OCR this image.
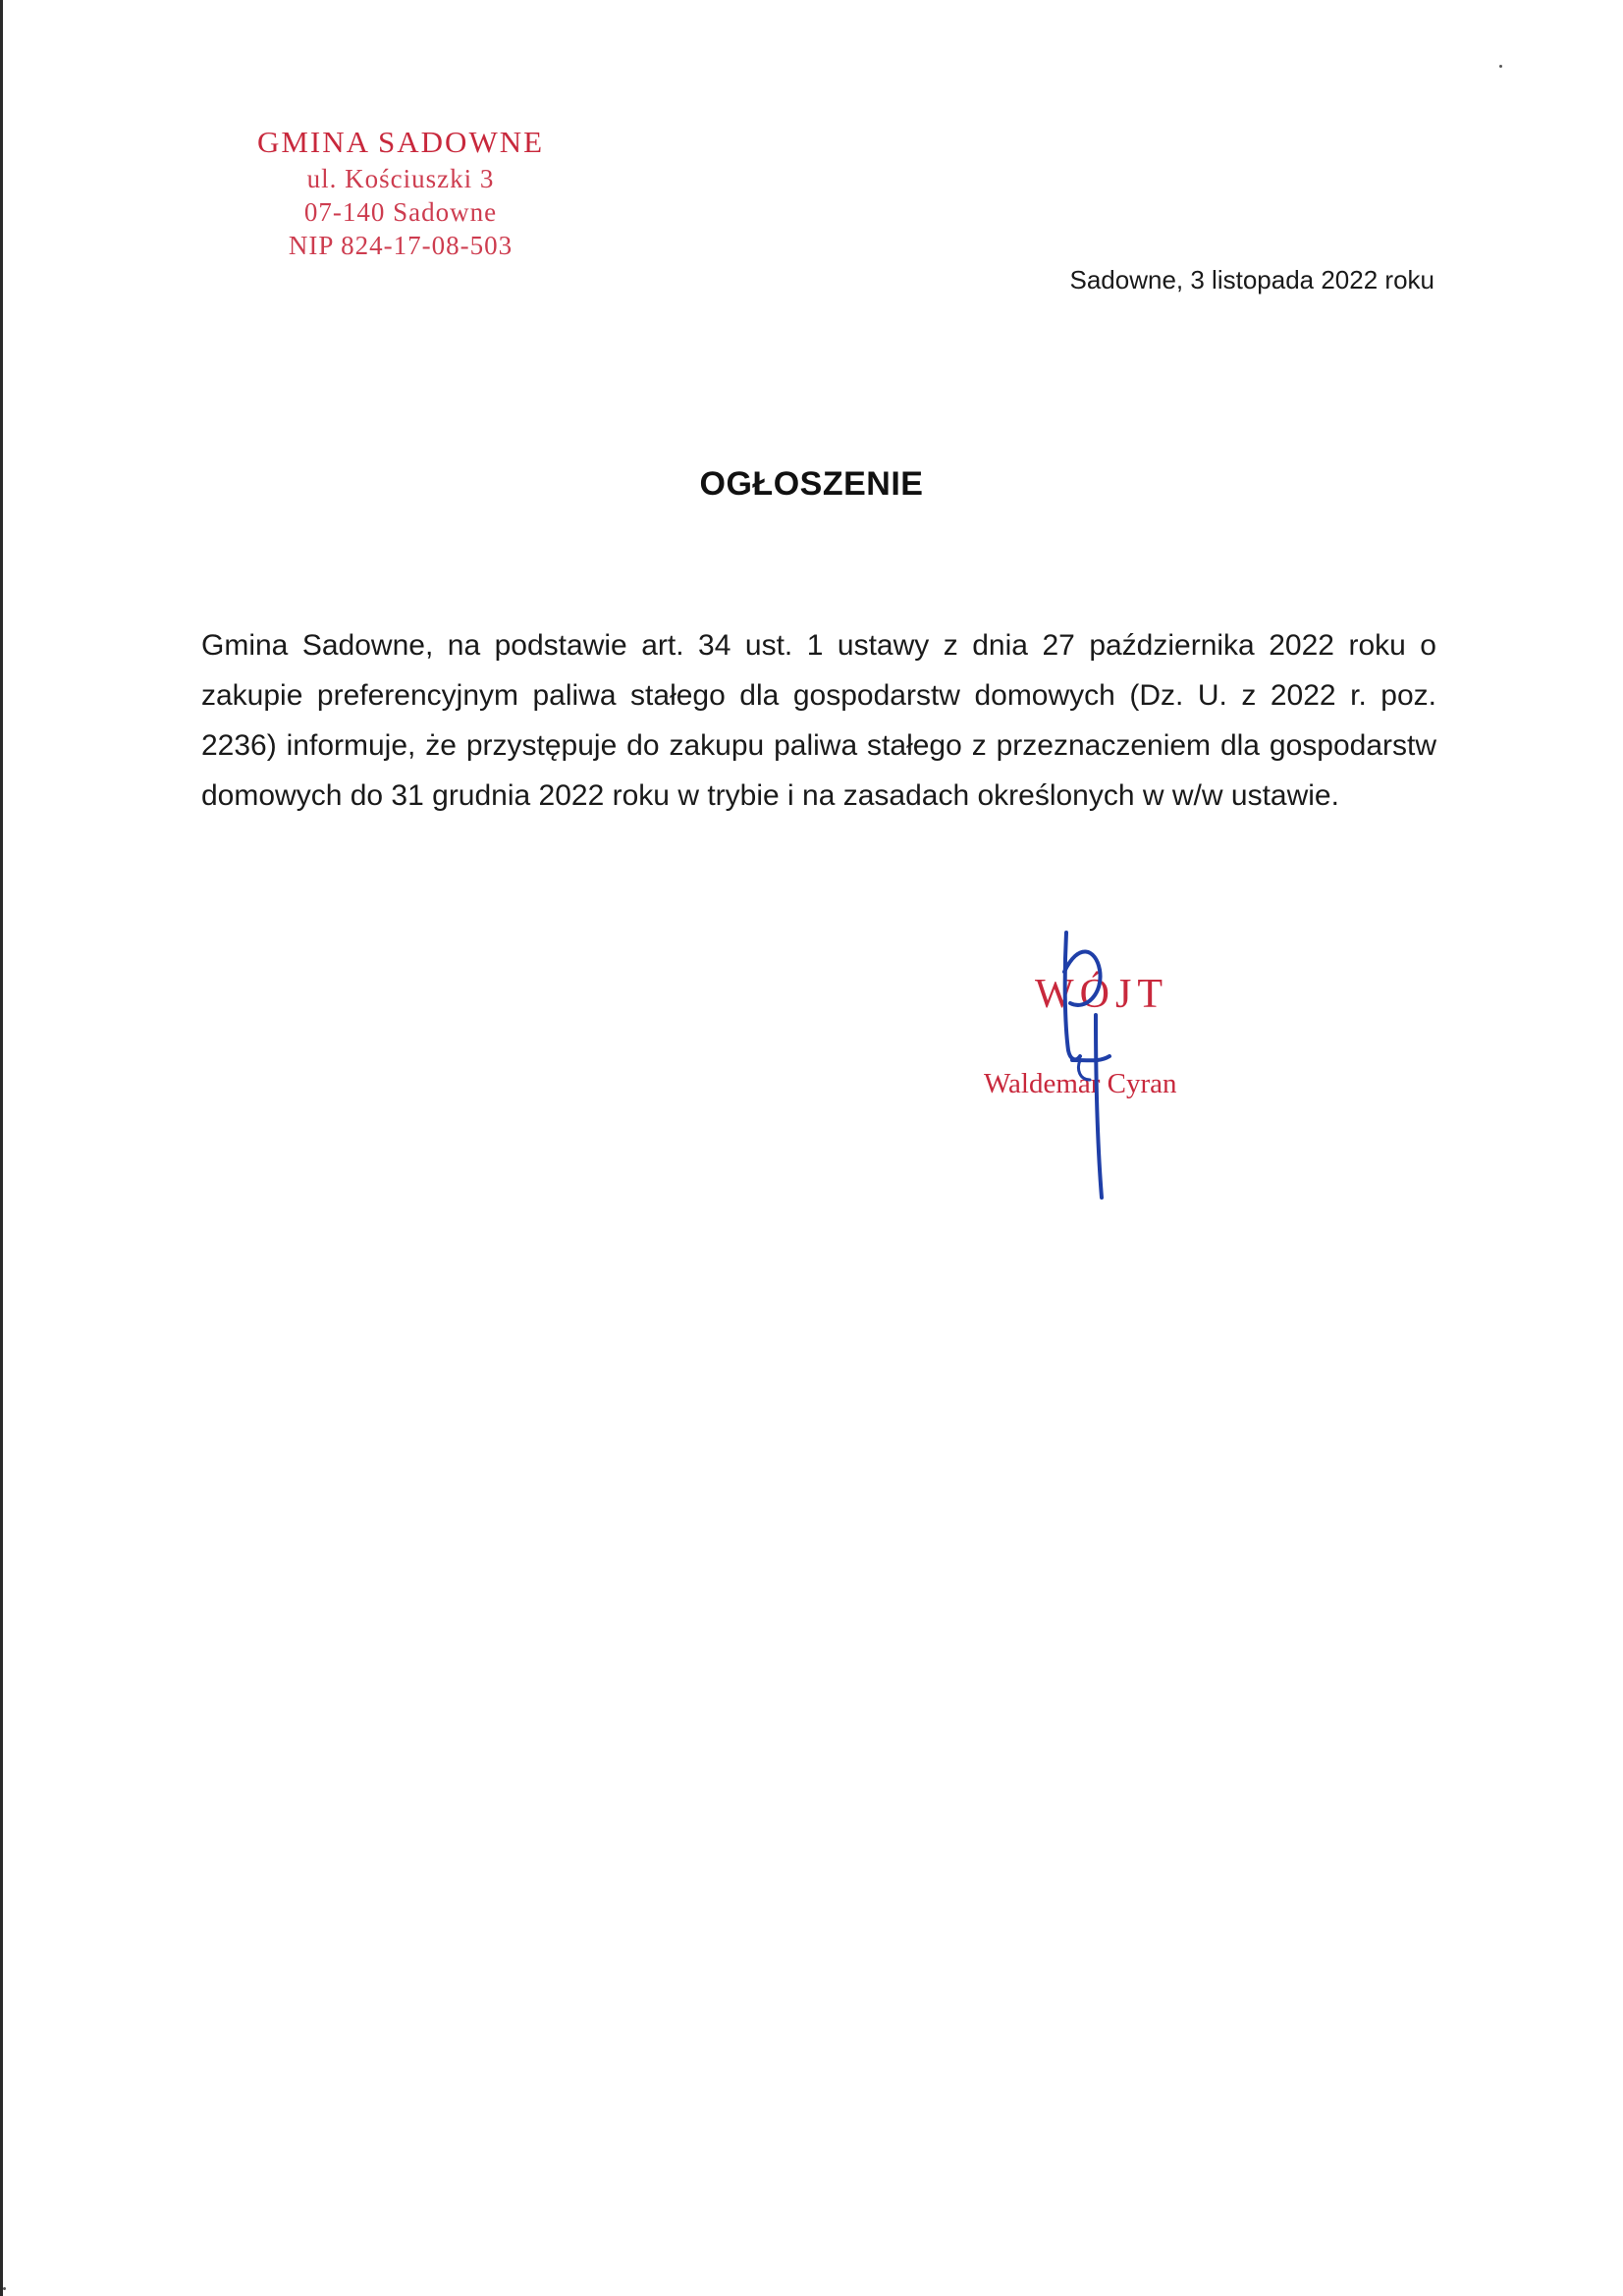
GMINA SADOWNE
ul. Kościuszki 3
07-140 Sadowne
NIP 824-17-08-503
Sadowne, 3 listopada 2022 roku
OGŁOSZENIE
Gmina Sadowne, na podstawie art. 34 ust. 1 ustawy z dnia 27 października 2022 roku o zakupie preferencyjnym paliwa stałego dla gospodarstw domowych (Dz. U. z 2022 r. poz. 2236) informuje, że przystępuje do zakupu paliwa stałego z przeznaczeniem dla gospodarstw domowych do 31 grudnia 2022 roku w trybie i na zasadach określonych w w/w ustawie.
WÓJT
Waldemar Cyran
